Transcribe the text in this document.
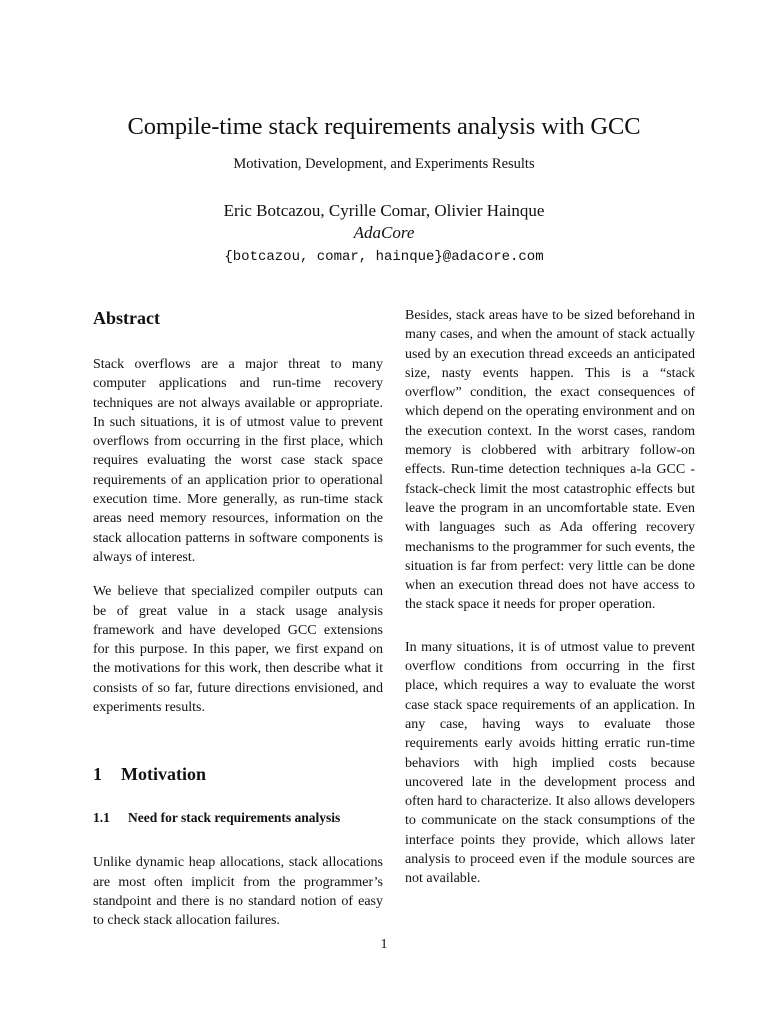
Compile-time stack requirements analysis with GCC
Motivation, Development, and Experiments Results
Eric Botcazou, Cyrille Comar, Olivier Hainque
AdaCore
{botcazou, comar, hainque}@adacore.com
Abstract

Stack overflows are a major threat to many computer applications and run-time recovery techniques are not always available or appropriate. In such situations, it is of utmost value to prevent overflows from occurring in the first place, which requires evaluating the worst case stack space requirements of an application prior to operational execution time. More generally, as run-time stack areas need memory resources, information on the stack allocation patterns in software components is always of interest.

We believe that specialized compiler outputs can be of great value in a stack usage analysis framework and have developed GCC extensions for this purpose. In this paper, we first expand on the motivations for this work, then describe what it consists of so far, future directions envisioned, and experiments results.

1 Motivation
1.1 Need for stack requirements analysis

Unlike dynamic heap allocations, stack allocations are most often implicit from the programmer’s standpoint and there is no standard notion of easy to check stack allocation failures.

Besides, stack areas have to be sized beforehand in many cases, and when the amount of stack actually used by an execution thread exceeds an anticipated size, nasty events happen. This is a “stack overflow” condition, the exact consequences of which depend on the operating environment and on the execution context. In the worst cases, random memory is clobbered with arbitrary follow-on effects. Run-time detection techniques a-la GCC -fstack-check limit the most catastrophic effects but leave the program in an uncomfortable state. Even with languages such as Ada offering recovery mechanisms to the programmer for such events, the situation is far from perfect: very little can be done when an execution thread does not have access to the stack space it needs for proper operation.

In many situations, it is of utmost value to prevent overflow conditions from occurring in the first place, which requires a way to evaluate the worst case stack space requirements of an application. In any case, having ways to evaluate those requirements early avoids hitting erratic run-time behaviors with high implied costs because uncovered late in the development process and often hard to characterize. It also allows developers to communicate on the stack consumptions of the interface points they provide, which allows later analysis to proceed even if the module sources are not available.

1
